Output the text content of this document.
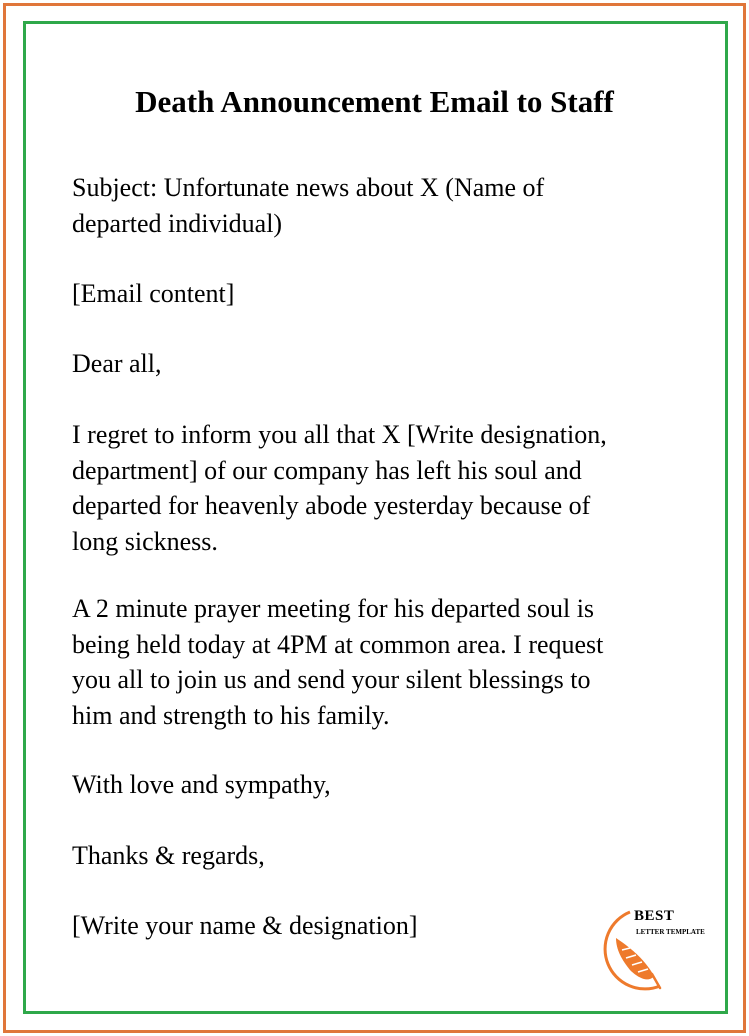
Death Announcement Email to Staff
Subject: Unfortunate news about X (Name of
departed individual)
[Email content]
Dear all,
I regret to inform you all that X [Write designation,
department] of our company has left his soul and
departed for heavenly abode yesterday because of
long sickness.
A 2 minute prayer meeting for his departed soul is
being held today at 4PM at common area. I request
you all to join us and send your silent blessings to
him and strength to his family.
With love and sympathy,
Thanks & regards,
[Write your name & designation]	BEST
LETTER TEMPLATE
